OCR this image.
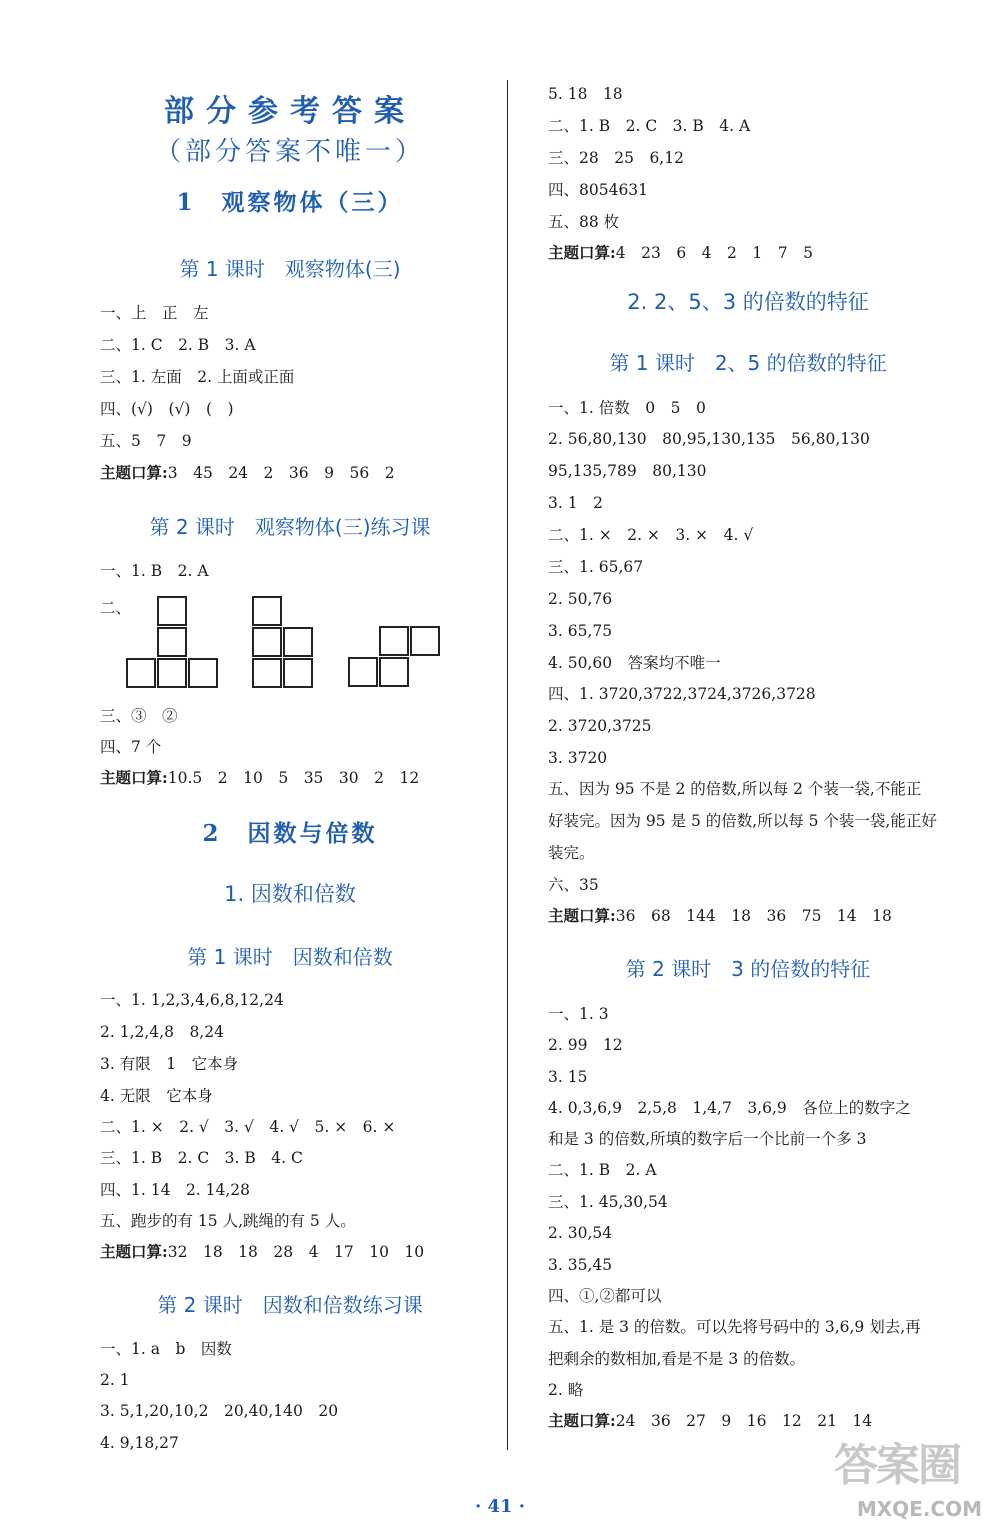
部分参考答案
（部分答案不唯一）
1　观察物体（三）
第 1 课时　观察物体(三)
一、上　正　左
二、1. C　2. B　3. A
三、1. 左面　2. 上面或正面
四、(√)　(√)　(　)
五、5　7　9
主题口算:3　45　24　2　36　9　56　2
第 2 课时　观察物体(三)练习课
一、1. B　2. A
二、
三、③　②
四、7 个
主题口算:10.5　2　10　5　35　30　2　12
2　因数与倍数
1. 因数和倍数
第 1 课时　因数和倍数
一、1. 1,2,3,4,6,8,12,24
2. 1,2,4,8　8,24
3. 有限　1　它本身
4. 无限　它本身
二、1. ×　2. √　3. √　4. √　5. ×　6. ×
三、1. B　2. C　3. B　4. C
四、1. 14　2. 14,28
五、跑步的有 15 人,跳绳的有 5 人。
主题口算:32　18　18　28　4　17　10　10
第 2 课时　因数和倍数练习课
一、1. a　b　因数
2. 1
3. 5,1,20,10,2　20,40,140　20
4. 9,18,27
5. 18　18
二、1. B　2. C　3. B　4. A
三、28　25　6,12
四、8054631
五、88 枚
主题口算:4　23　6　4　2　1　7　5
2. 2、5、3 的倍数的特征
第 1 课时　2、5 的倍数的特征
一、1. 倍数　0　5　0
2. 56,80,130　80,95,130,135　56,80,130
95,135,789　80,130
3. 1　2
二、1. ×　2. ×　3. ×　4. √
三、1. 65,67
2. 50,76
3. 65,75
4. 50,60　答案均不唯一
四、1. 3720,3722,3724,3726,3728
2. 3720,3725
3. 3720
五、因为 95 不是 2 的倍数,所以每 2 个装一袋,不能正
好装完。因为 95 是 5 的倍数,所以每 5 个装一袋,能正好
装完。
六、35
主题口算:36　68　144　18　36　75　14　18
第 2 课时　3 的倍数的特征
一、1. 3
2. 99　12
3. 15
4. 0,3,6,9　2,5,8　1,4,7　3,6,9　各位上的数字之
和是 3 的倍数,所填的数字后一个比前一个多 3
二、1. B　2. A
三、1. 45,30,54
2. 30,54
3. 35,45
四、①,②都可以
五、1. 是 3 的倍数。可以先将号码中的 3,6,9 划去,再
把剩余的数相加,看是不是 3 的倍数。
2. 略
主题口算:24　36　27　9　16　12　21　14
· 41 ·
答案圈
MXQE.COM
